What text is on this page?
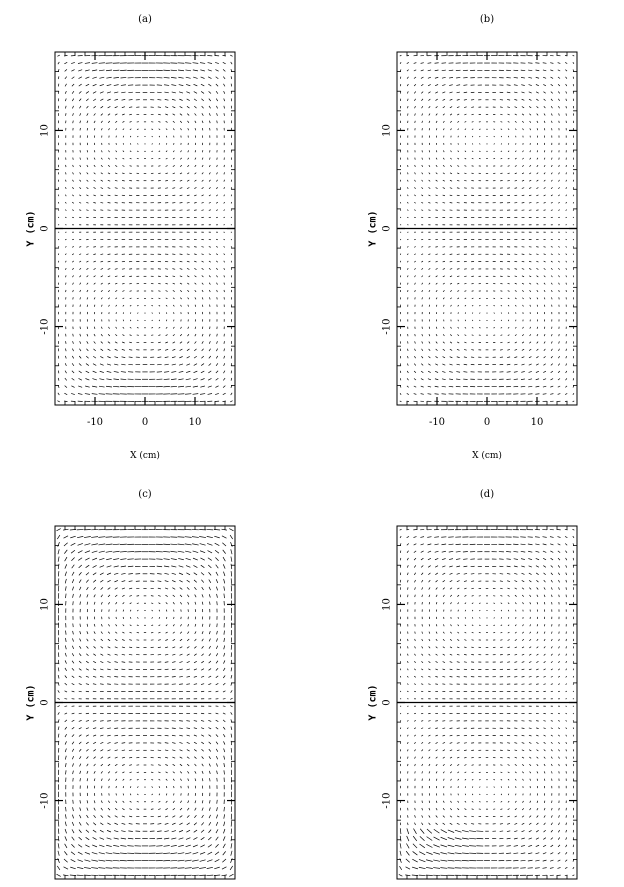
(a)
-10
0
10
Y (cm)
-10	0	10
X (cm)
(b)
-10
0
10
Y (cm)
-10	0	10
X (cm)
(c)
-10
0
10
Y (cm)
(d)
-10
0
10
Y (cm)
